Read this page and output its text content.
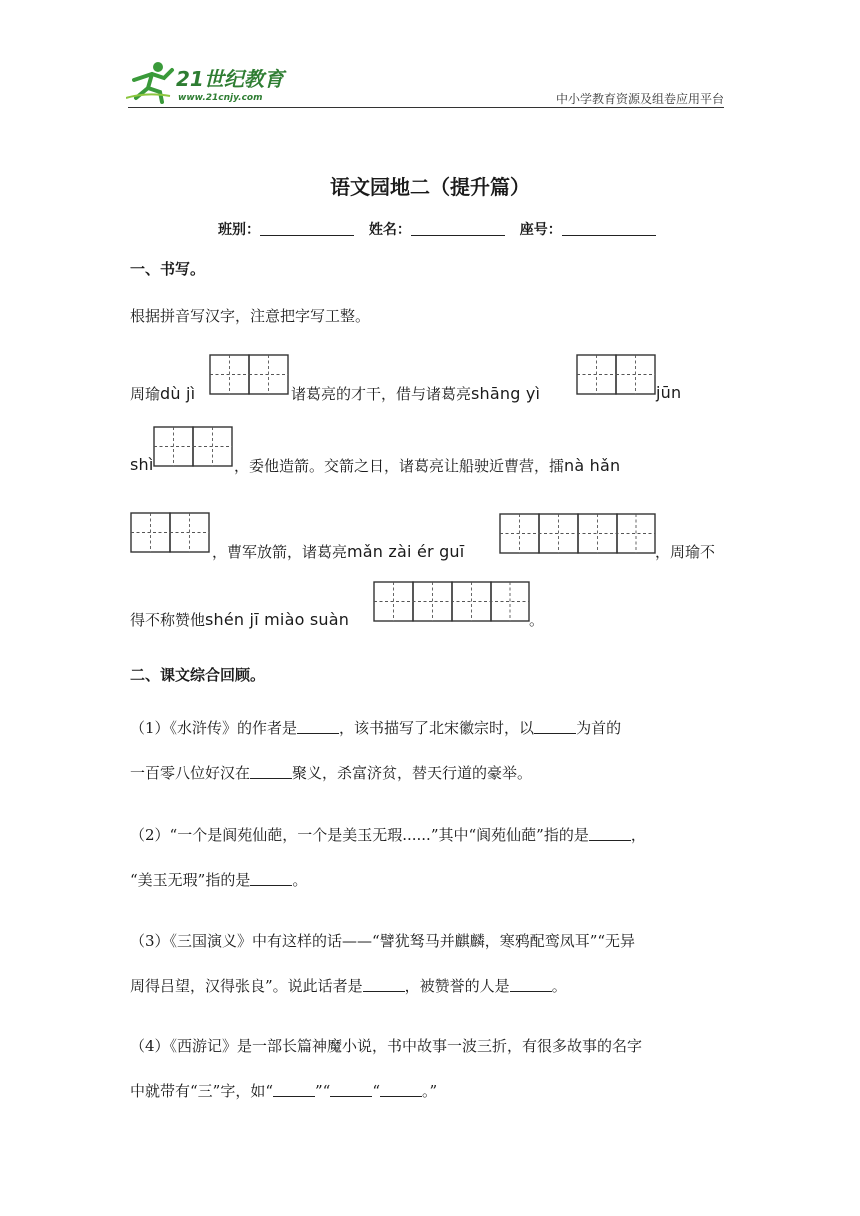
21世纪教育
www.21cnjy.com	中小学教育资源及组卷应用平台
语文园地二（提升篇）
班别：	姓名：	座号：
一、书写。
根据拼音写汉字，注意把字写工整。
周瑜dù jì	诸葛亮的才干，借与诸葛亮shāng yì	jūn
shì	，委他造箭。交箭之日，诸葛亮让船驶近曹营，擂nà hǎn
，曹军放箭，诸葛亮mǎn zài ér guī	，周瑜不
得不称赞他shén jī miào suàn	。
二、课文综合回顾。
（1）《水浒传》的作者是	，该书描写了北宋徽宗时，以	为首的
一百零八位好汉在	聚义，杀富济贫，替天行道的豪举。
（2）“一个是阆苑仙葩，一个是美玉无瑕......”其中“阆苑仙葩”指的是	，
“美玉无瑕”指的是	。
（3）《三国演义》中有这样的话——“譬犹驽马并麒麟，寒鸦配鸾凤耳”“无异
周得吕望，汉得张良”。说此话者是	，被赞誉的人是	。
（4）《西游记》是一部长篇神魔小说，书中故事一波三折，有很多故事的名字
中就带有“三”字，如“	”“	“	。”
